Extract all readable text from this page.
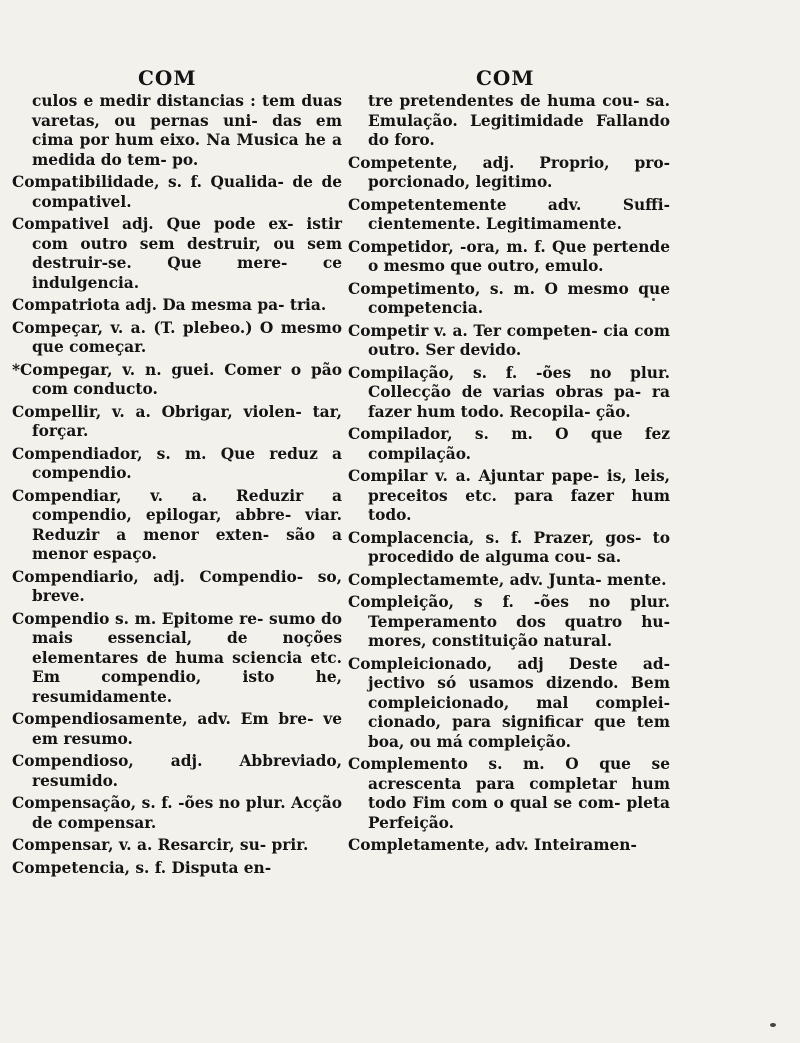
COM	COM

culos e medir distancias : tem duas varetas, ou pernas uni- das em cima por hum eixo. Na Musica he a medida do tem- po.

Compatibilidade, s. f. Qualida- de de compativel.

Compativel adj. Que pode ex- istir com outro sem destruir, ou sem destruir-se. Que mere- ce indulgencia.

Compatriota adj. Da mesma pa- tria.

Compeçar, v. a. (T. plebeo.) O mesmo que começar.

*Compegar, v. n. guei. Comer o pão com conducto.

Compellir, v. a. Obrigar, violen- tar, forçar.

Compendiador, s. m. Que reduz a compendio.

Compendiar, v. a. Reduzir a compendio, epilogar, abbre- viar. Reduzir a menor exten- são a menor espaço.

Compendiario, adj. Compendio- so, breve.

Compendio s. m. Epitome re- sumo do mais essencial, de noções elementares de huma sciencia etc. Em compendio, isto he, resumidamente.

Compendiosamente, adv. Em bre- ve em resumo.

Compendioso, adj. Abbreviado, resumido.

Compensação, s. f. -ões no plur. Acção de compensar.

Compensar, v. a. Resarcir, su- prir.

Competencia, s. f. Disputa en-

tre pretendentes de huma cou- sa. Emulação. Legitimidade Fallando do foro.

Competente, adj. Proprio, pro- porcionado, legitimo.

Competentemente adv. Suffi- cientemente. Legitimamente.

Competidor, -ora, m. f. Que pertende o mesmo que outro, emulo.

Competimento, s. m. O mesmo que competencia.

Competir v. a. Ter competen- cia com outro. Ser devido.

Compilação, s. f. -ões no plur. Collecção de varias obras pa- ra fazer hum todo. Recopila- ção.

Compilador, s. m. O que fez compilação.

Compilar v. a. Ajuntar pape- is, leis, preceitos etc. para fazer hum todo.

Complacencia, s. f. Prazer, gos- to procedido de alguma cou- sa.

Complectamemte, adv. Junta- mente.

Compleição, s f. -ões no plur. Temperamento dos quatro hu- mores, constituição natural.

Compleicionado, adj Deste ad- jectivo só usamos dizendo. Bem compleicionado, mal complei- cionado, para significar que tem boa, ou má compleição.

Complemento s. m. O que se acrescenta para completar hum todo Fim com o qual se com- pleta Perfeição.

Completamente, adv. Inteiramen-
